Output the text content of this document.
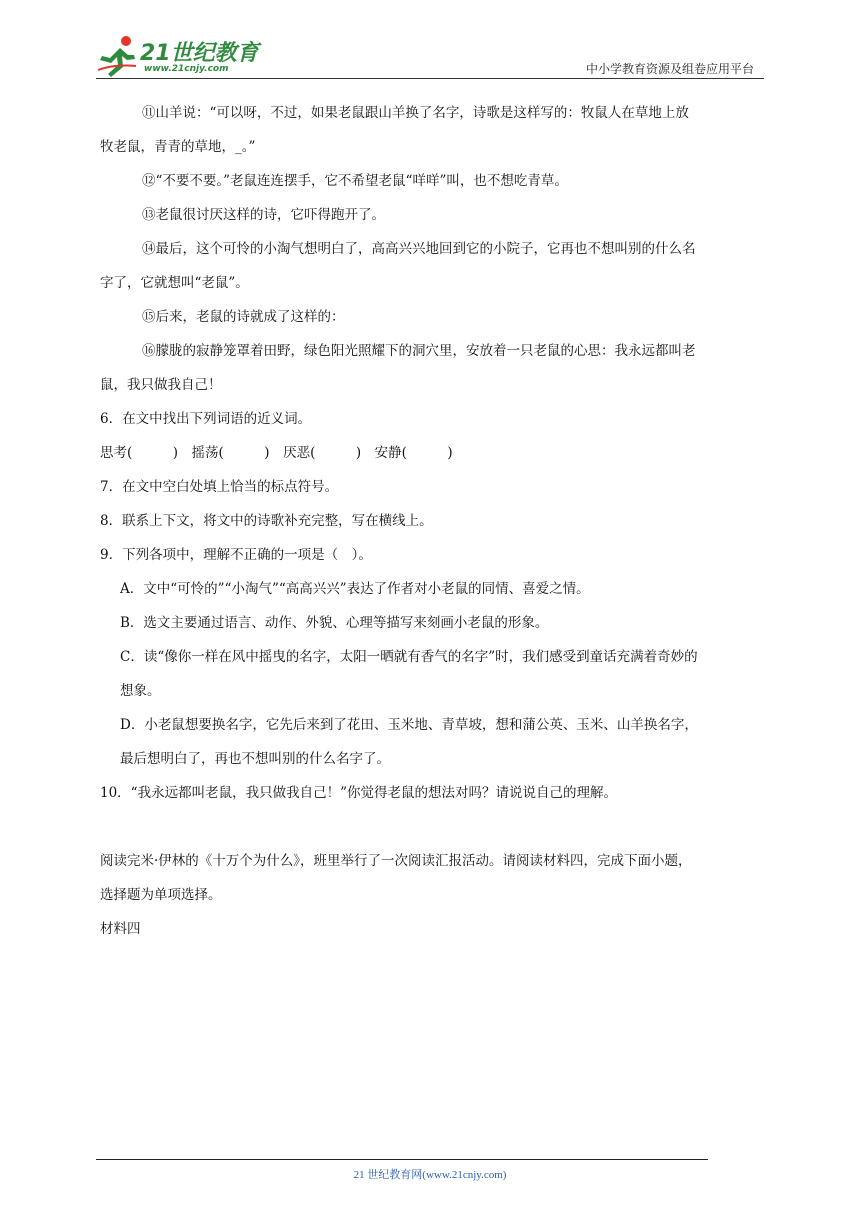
21世纪教育
www.21cnjy.com	中小学教育资源及组卷应用平台
⑪山羊说：“可以呀，不过，如果老鼠跟山羊换了名字，诗歌是这样写的：牧鼠人在草地上放
牧老鼠，青青的草地，_。”
⑫“不要不要。”老鼠连连摆手，它不希望老鼠“咩咩”叫，也不想吃青草。
⑬老鼠很讨厌这样的诗，它吓得跑开了。
⑭最后，这个可怜的小淘气想明白了，高高兴兴地回到它的小院子，它再也不想叫别的什么名
字了，它就想叫“老鼠”。
⑮后来，老鼠的诗就成了这样的：
⑯朦胧的寂静笼罩着田野，绿色阳光照耀下的洞穴里，安放着一只老鼠的心思：我永远都叫老
鼠，我只做我自己！
6．在文中找出下列词语的近义词。
思考(　　　)　摇荡(　　　)　厌恶(　　　)　安静(　　　)
7．在文中空白处填上恰当的标点符号。
8．联系上下文，将文中的诗歌补充完整，写在横线上。
9．下列各项中，理解不正确的一项是（　）。
A．文中“可怜的”“小淘气”“高高兴兴”表达了作者对小老鼠的同情、喜爱之情。
B．选文主要通过语言、动作、外貌、心理等描写来刻画小老鼠的形象。
C．读“像你一样在风中摇曳的名字，太阳一晒就有香气的名字”时，我们感受到童话充满着奇妙的
想象。
D．小老鼠想要换名字，它先后来到了花田、玉米地、青草坡，想和蒲公英、玉米、山羊换名字，
最后想明白了，再也不想叫别的什么名字了。
10．“我永远都叫老鼠，我只做我自己！”你觉得老鼠的想法对吗？请说说自己的理解。
阅读完米·伊林的《十万个为什么》，班里举行了一次阅读汇报活动。请阅读材料四，完成下面小题，
选择题为单项选择。
材料四
21 世纪教育网(www.21cnjy.com)
